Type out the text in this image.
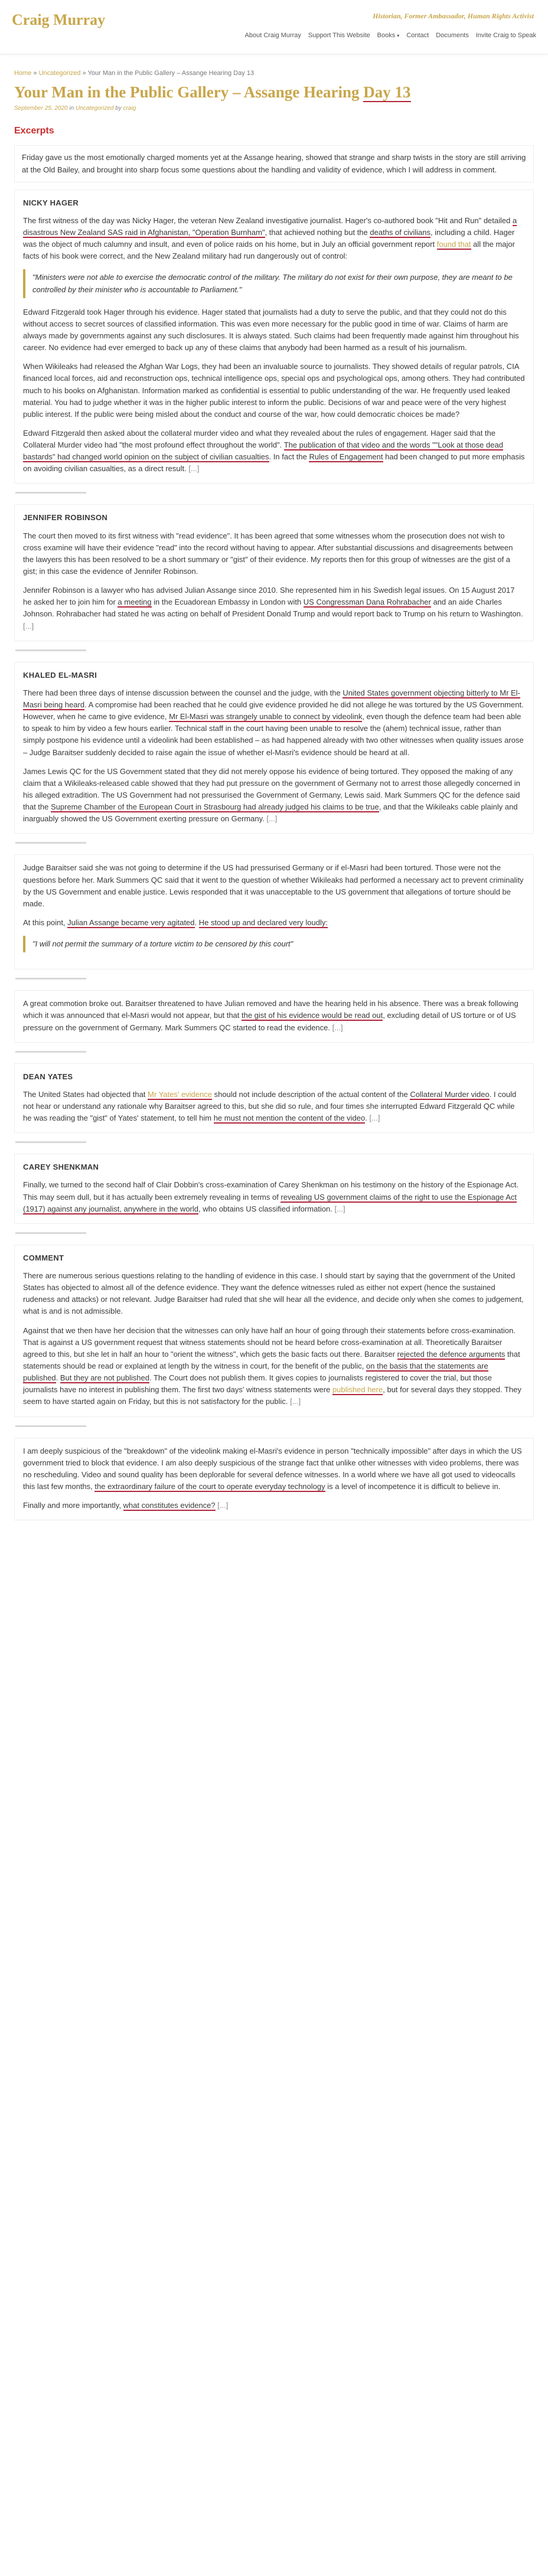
Craig Murray	Historian, Former Ambassador, Human Rights Activist
About Craig Murray Support This Website Books ▾ Contact Documents Invite Craig to Speak
Home » Uncategorized » Your Man in the Public Gallery – Assange Hearing Day 13
Your Man in the Public Gallery – Assange Hearing Day 13
September 25, 2020 in Uncategorized by craig
Excerpts

Friday gave us the most emotionally charged moments yet at the Assange hearing, showed that strange and sharp twists in the story are still arriving at the Old Bailey, and brought into sharp focus some questions about the handling and validity of evidence, which I will address in comment.

NICKY HAGER

The first witness of the day was Nicky Hager, the veteran New Zealand investigative journalist. Hager's co-authored book "Hit and Run" detailed a disastrous New Zealand SAS raid in Afghanistan, "Operation Burnham", that achieved nothing but the deaths of civilians, including a child. Hager was the object of much calumny and insult, and even of police raids on his home, but in July an official government report found that all the major facts of his book were correct, and the New Zealand military had run dangerously out of control:

"Ministers were not able to exercise the democratic control of the military. The military do not exist for their own purpose, they are meant to be controlled by their minister who is accountable to Parliament."

Edward Fitzgerald took Hager through his evidence. Hager stated that journalists had a duty to serve the public, and that they could not do this without access to secret sources of classified information. This was even more necessary for the public good in time of war. Claims of harm are always made by governments against any such disclosures. It is always stated. Such claims had been frequently made against him throughout his career. No evidence had ever emerged to back up any of these claims that anybody had been harmed as a result of his journalism.

When Wikileaks had released the Afghan War Logs, they had been an invaluable source to journalists. They showed details of regular patrols, CIA financed local forces, aid and reconstruction ops, technical intelligence ops, special ops and psychological ops, among others. They had contributed much to his books on Afghanistan. Information marked as confidential is essential to public understanding of the war. He frequently used leaked material. You had to judge whether it was in the higher public interest to inform the public. Decisions of war and peace were of the very highest public interest. If the public were being misled about the conduct and course of the war, how could democratic choices be made?

Edward Fitzgerald then asked about the collateral murder video and what they revealed about the rules of engagement. Hager said that the Collateral Murder video had "the most profound effect throughout the world". The publication of that video and the words ""Look at those dead bastards" had changed world opinion on the subject of civilian casualties. In fact the Rules of Engagement had been changed to put more emphasis on avoiding civilian casualties, as a direct result. [...]

JENNIFER ROBINSON

The court then moved to its first witness with "read evidence". It has been agreed that some witnesses whom the prosecution does not wish to cross examine will have their evidence "read" into the record without having to appear. After substantial discussions and disagreements between the lawyers this has been resolved to be a short summary or "gist" of their evidence. My reports then for this group of witnesses are the gist of a gist; in this case the evidence of Jennifer Robinson.

Jennifer Robinson is a lawyer who has advised Julian Assange since 2010. She represented him in his Swedish legal issues. On 15 August 2017 he asked her to join him for a meeting in the Ecuadorean Embassy in London with US Congressman Dana Rohrabacher and an aide Charles Johnson. Rohrabacher had stated he was acting on behalf of President Donald Trump and would report back to Trump on his return to Washington. [...]

KHALED EL-MASRI

There had been three days of intense discussion between the counsel and the judge, with the United States government objecting bitterly to Mr El-Masri being heard. A compromise had been reached that he could give evidence provided he did not allege he was tortured by the US Government. However, when he came to give evidence, Mr El-Masri was strangely unable to connect by videolink, even though the defence team had been able to speak to him by video a few hours earlier. Technical staff in the court having been unable to resolve the (ahem) technical issue, rather than simply postpone his evidence until a videolink had been established – as had happened already with two other witnesses when quality issues arose – Judge Baraitser suddenly decided to raise again the issue of whether el-Masri's evidence should be heard at all.

James Lewis QC for the US Government stated that they did not merely oppose his evidence of being tortured. They opposed the making of any claim that a Wikileaks-released cable showed that they had put pressure on the government of Germany not to arrest those allegedly concerned in his alleged extradition. The US Government had not pressurised the Government of Germany, Lewis said. Mark Summers QC for the defence said that the Supreme Chamber of the European Court in Strasbourg had already judged his claims to be true, and that the Wikileaks cable plainly and inarguably showed the US Government exerting pressure on Germany. [...]

Judge Baraitser said she was not going to determine if the US had pressurised Germany or if el-Masri had been tortured. Those were not the questions before her. Mark Summers QC said that it went to the question of whether Wikileaks had performed a necessary act to prevent criminality by the US Government and enable justice. Lewis responded that it was unacceptable to the US government that allegations of torture should be made.

At this point, Julian Assange became very agitated. He stood up and declared very loudly:

"I will not permit the summary of a torture victim to be censored by this court"

A great commotion broke out. Baraitser threatened to have Julian removed and have the hearing held in his absence. There was a break following which it was announced that el-Masri would not appear, but that the gist of his evidence would be read out, excluding detail of US torture or of US pressure on the government of Germany. Mark Summers QC started to read the evidence. [...]

DEAN YATES

The United States had objected that Mr Yates' evidence should not include description of the actual content of the Collateral Murder video. I could not hear or understand any rationale why Baraitser agreed to this, but she did so rule, and four times she interrupted Edward Fitzgerald QC while he was reading the "gist" of Yates' statement, to tell him he must not mention the content of the video. [...]

CAREY SHENKMAN

Finally, we turned to the second half of Clair Dobbin's cross-examination of Carey Shenkman on his testimony on the history of the Espionage Act. This may seem dull, but it has actually been extremely revealing in terms of revealing US government claims of the right to use the Espionage Act (1917) against any journalist, anywhere in the world, who obtains US classified information. [...]

COMMENT

There are numerous serious questions relating to the handling of evidence in this case. I should start by saying that the government of the United States has objected to almost all of the defence evidence. They want the defence witnesses ruled as either not expert (hence the sustained rudeness and attacks) or not relevant. Judge Baraitser had ruled that she will hear all the evidence, and decide only when she comes to judgement, what is and is not admissible.

Against that we then have her decision that the witnesses can only have half an hour of going through their statements before cross-examination. That is against a US government request that witness statements should not be heard before cross-examination at all. Theoretically Baraitser agreed to this, but she let in half an hour to "orient the witness", which gets the basic facts out there. Baraitser rejected the defence arguments that statements should be read or explained at length by the witness in court, for the benefit of the public, on the basis that the statements are published. But they are not published. The Court does not publish them. It gives copies to journalists registered to cover the trial, but those journalists have no interest in publishing them. The first two days' witness statements were published here, but for several days they stopped. They seem to have started again on Friday, but this is not satisfactory for the public. [...]

I am deeply suspicious of the "breakdown" of the videolink making el-Masri's evidence in person "technically impossible" after days in which the US government tried to block that evidence. I am also deeply suspicious of the strange fact that unlike other witnesses with video problems, there was no rescheduling. Video and sound quality has been deplorable for several defence witnesses. In a world where we have all got used to videocalls this last few months, the extraordinary failure of the court to operate everyday technology is a level of incompetence it is difficult to believe in.

Finally and more importantly, what constitutes evidence? [...]
